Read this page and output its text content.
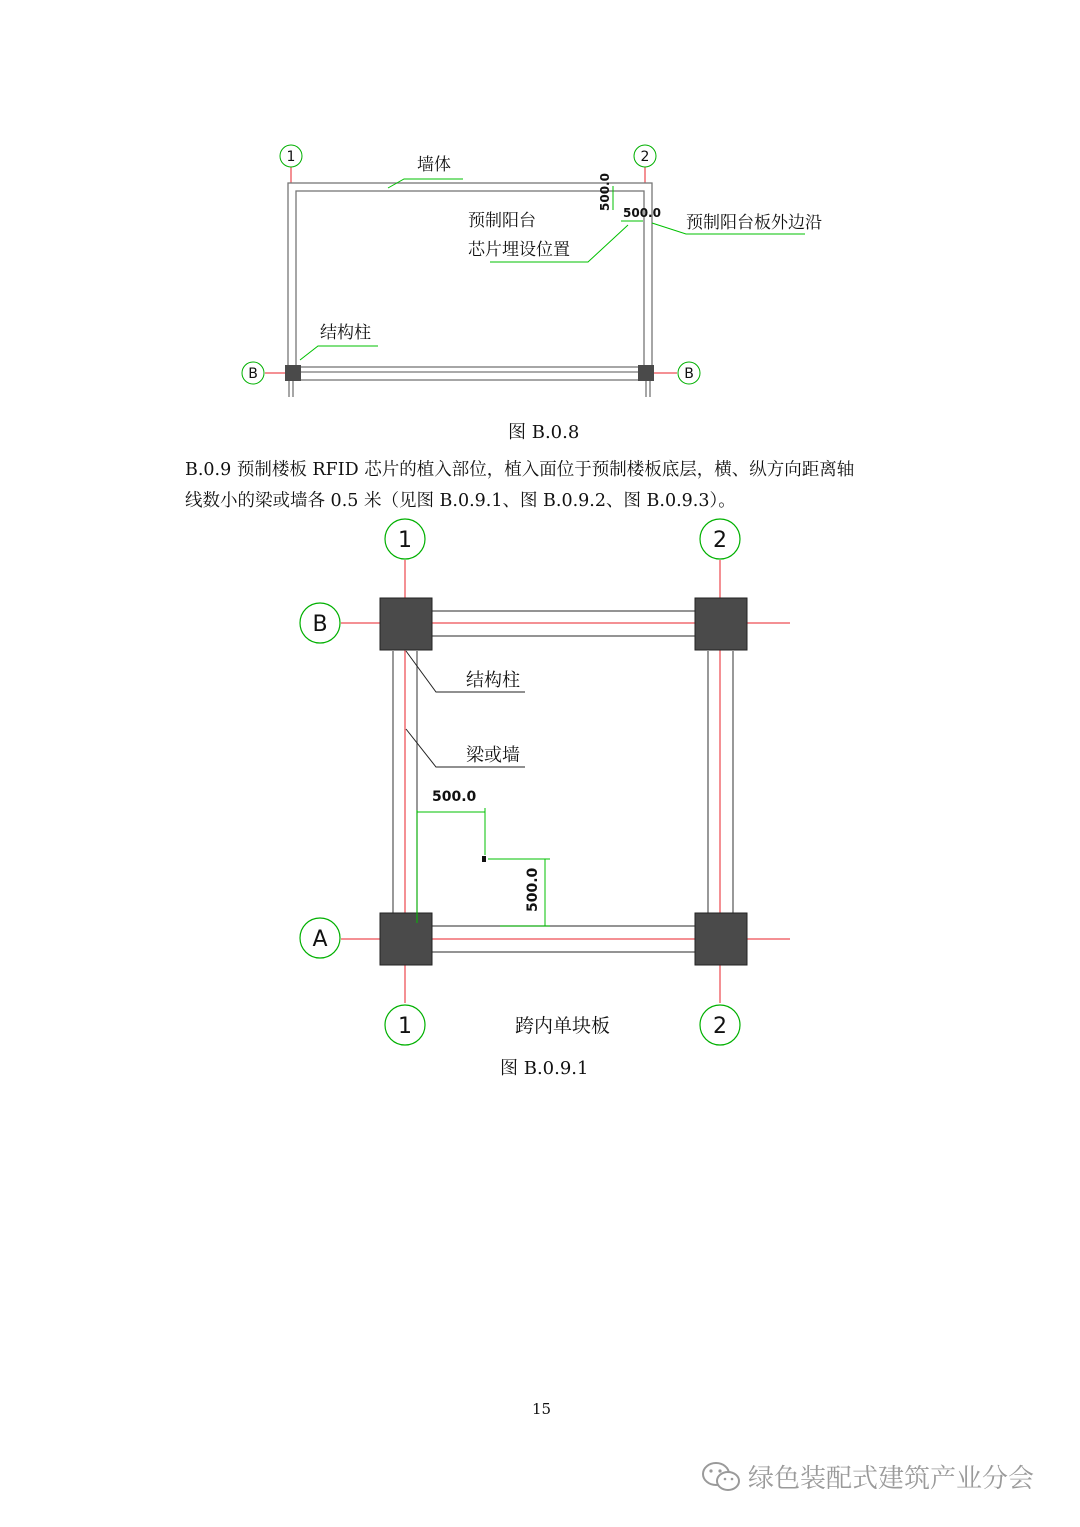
1	2
B	B
墙体
预制阳台
芯片埋设位置
预制阳台板外边沿
结构柱
500.0
500.0
图 B.0.8

B.0.9 预制楼板 RFID 芯片的植入部位，植入面位于预制楼板底层，横、纵方向距离轴

线数小的梁或墙各 0.5 米（见图 B.0.9.1、图 B.0.9.2、图 B.0.9.3）。

1	2
B
A
1	2
结构柱
梁或墙
500.0
500.0
跨内单块板
图 B.0.9.1
15
绿色装配式建筑产业分会
